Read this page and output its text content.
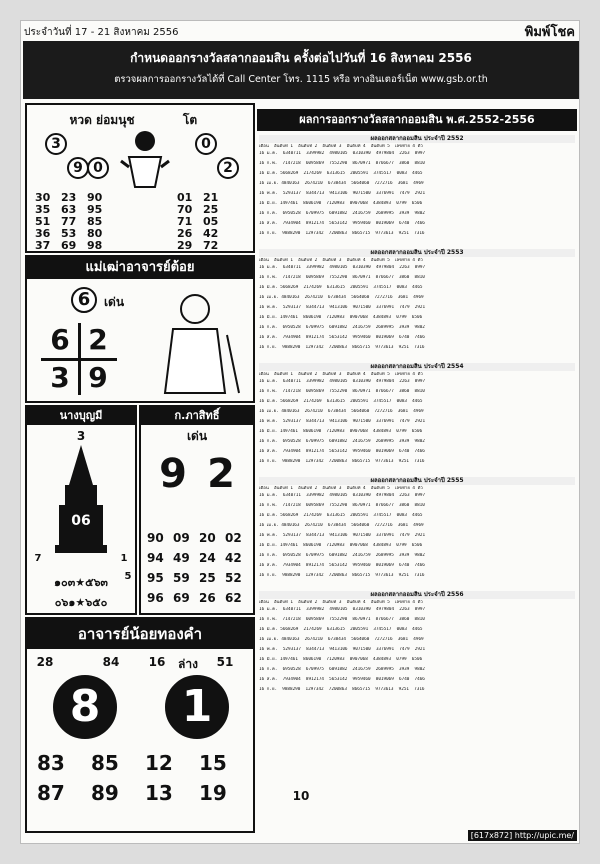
ประจำวันที่ 17 - 21 สิงหาคม 2556	พิมพ์โชค
กำหนดออกรางวัลสลากออมสิน ครั้งต่อไปวันที่ 16 สิงหาคม 2556
ตรวจผลการออกรางวัลได้ที่ Call Center โทร. 1115 หรือ ทางอินเตอร์เน็ต www.gsb.or.th
หวด ย่อมนุช	โต
3
9 0
0
2
30 23 90
35 63 95
51 77 85
36 53 80
37 69 98
01 21
70 25
71 05
26 42
29 72
แม่เฒ่าอาจารย์ต้อย
6	เด่น
6 2
3 9
นางบุญมี
3
06
7	1
5
๑๐๓★๕๖๓
๐๖๑★๖๕๐
ก.ภาสิทธิ์
เด่น
9 2
90 09 20 02
94 49 24 42
95 59 25 52
96 69 26 62
อาจารย์น้อยทองคำ
28	84	16	ล่าง	51
8	1
83 85 12 15
87 89 13 19
ผลการออกรางวัลสลากออมสิน พ.ศ.2552-2556
ผลออกสลากออมสิน ประจำปี 2552
เดือน  อันดับที่ 1  อันดับที่ 2  อันดับที่ 3  อันดับที่ 4  อันดับที่ 5  เลขท้าย 4 ตัว
16 ม.ค.  6340711  3399982  4980105  0310390  4979804  2263  8997
16 ก.พ.  7147218  6095869  7552290  8670971  8766677  3860  8810
16 มี.ค. 5668269  2174269  6313615  2005591  3745517  0083  4465
16 เม.ย. 4840163  2674210  6738434  5664060  7272716  3681  4969
16 พ.ค.  5293137  8344713  9413106  9071500  3376991  7479  2921
16 มิ.ย. 1497461  8606190  7120983  0907068  4384893  0799  6506
16 ก.ค.  6950528  6709975  6091882  2416759  2689995  3939  9802
16 ส.ค.  7934904  8912174  5653142  9959460  8019069  6740  7466
16 ก.ย.  9888290  1297342  7200863  8665715  9773613  9251  7316
ผลออกสลากออมสิน ประจำปี 2553
เดือน  อันดับที่ 1  อันดับที่ 2  อันดับที่ 3  อันดับที่ 4  อันดับที่ 5  เลขท้าย 4 ตัว
16 ม.ค.  6340711  3399982  4980105  0310390  4979804  2263  8997
16 ก.พ.  7147218  6095869  7552290  8670971  8766677  3860  8810
16 มี.ค. 5668269  2174269  6313615  2005591  3745517  0083  4465
16 เม.ย. 4840163  2674210  6738434  5664060  7272716  3681  4969
16 พ.ค.  5293137  8344713  9413106  9071500  3376991  7479  2921
16 มิ.ย. 1497461  8606190  7120983  0907068  4384893  0799  6506
16 ก.ค.  6950528  6709975  6091882  2416759  2689995  3939  9802
16 ส.ค.  7934904  8912174  5653142  9959460  8019069  6740  7466
16 ก.ย.  9888290  1297342  7200863  8665715  9773613  9251  7316
ผลออกสลากออมสิน ประจำปี 2554
เดือน  อันดับที่ 1  อันดับที่ 2  อันดับที่ 3  อันดับที่ 4  อันดับที่ 5  เลขท้าย 4 ตัว
16 ม.ค.  6340711  3399982  4980105  0310390  4979804  2263  8997
16 ก.พ.  7147218  6095869  7552290  8670971  8766677  3860  8810
16 มี.ค. 5668269  2174269  6313615  2005591  3745517  0083  4465
16 เม.ย. 4840163  2674210  6738434  5664060  7272716  3681  4969
16 พ.ค.  5293137  8344713  9413106  9071500  3376991  7479  2921
16 มิ.ย. 1497461  8606190  7120983  0907068  4384893  0799  6506
16 ก.ค.  6950528  6709975  6091882  2416759  2689995  3939  9802
16 ส.ค.  7934904  8912174  5653142  9959460  8019069  6740  7466
16 ก.ย.  9888290  1297342  7200863  8665715  9773613  9251  7316
ผลออกสลากออมสิน ประจำปี 2555
เดือน  อันดับที่ 1  อันดับที่ 2  อันดับที่ 3  อันดับที่ 4  อันดับที่ 5  เลขท้าย 4 ตัว
16 ม.ค.  6340711  3399982  4980105  0310390  4979804  2263  8997
16 ก.พ.  7147218  6095869  7552290  8670971  8766677  3860  8810
16 มี.ค. 5668269  2174269  6313615  2005591  3745517  0083  4465
16 เม.ย. 4840163  2674210  6738434  5664060  7272716  3681  4969
16 พ.ค.  5293137  8344713  9413106  9071500  3376991  7479  2921
16 มิ.ย. 1497461  8606190  7120983  0907068  4384893  0799  6506
16 ก.ค.  6950528  6709975  6091882  2416759  2689995  3939  9802
16 ส.ค.  7934904  8912174  5653142  9959460  8019069  6740  7466
16 ก.ย.  9888290  1297342  7200863  8665715  9773613  9251  7316
ผลออกสลากออมสิน ประจำปี 2556
เดือน  อันดับที่ 1  อันดับที่ 2  อันดับที่ 3  อันดับที่ 4  อันดับที่ 5  เลขท้าย 4 ตัว
16 ม.ค.  6340711  3399982  4980105  0310390  4979804  2263  8997
16 ก.พ.  7147218  6095869  7552290  8670971  8766677  3860  8810
16 มี.ค. 5668269  2174269  6313615  2005591  3745517  0083  4465
16 เม.ย. 4840163  2674210  6738434  5664060  7272716  3681  4969
16 พ.ค.  5293137  8344713  9413106  9071500  3376991  7479  2921
16 มิ.ย. 1497461  8606190  7120983  0907068  4384893  0799  6506
16 ก.ค.  6950528  6709975  6091882  2416759  2689995  3939  9802
16 ส.ค.  7934904  8912174  5653142  9959460  8019069  6740  7466
16 ก.ย.  9888290  1297342  7200863  8665715  9773613  9251  7316
10
[617x872] http://upic.me/
